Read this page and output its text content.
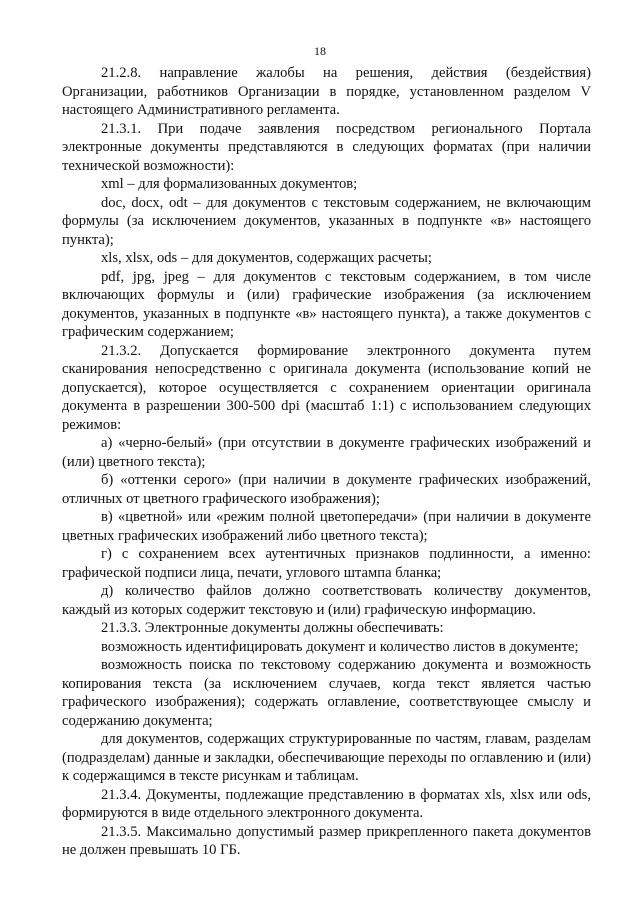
18

21.2.8. направление жалобы на решения, действия (бездействия) Организации, работников Организации в порядке, установленном разделом V настоящего Административного регламента.

21.3.1. При подаче заявления посредством регионального Портала электронные документы представляются в следующих форматах (при наличии технической возможности):

xml – для формализованных документов;

doc, docx, odt – для документов с текстовым содержанием, не включающим формулы (за исключением документов, указанных в подпункте «в» настоящего пункта);

xls, xlsx, ods – для документов, содержащих расчеты;

pdf, jpg, jpeg – для документов с текстовым содержанием, в том числе включающих формулы и (или) графические изображения (за исключением документов, указанных в подпункте «в» настоящего пункта), а также документов с графическим содержанием;

21.3.2. Допускается формирование электронного документа путем сканирования непосредственно с оригинала документа (использование копий не допускается), которое осуществляется с сохранением ориентации оригинала документа в разрешении 300-500 dpi (масштаб 1:1) с использованием следующих режимов:

а) «черно-белый» (при отсутствии в документе графических изображений и (или) цветного текста);

б) «оттенки серого» (при наличии в документе графических изображений, отличных от цветного графического изображения);

в) «цветной» или «режим полной цветопередачи» (при наличии в документе цветных графических изображений либо цветного текста);

г) с сохранением всех аутентичных признаков подлинности, а именно: графической подписи лица, печати, углового штампа бланка;

д) количество файлов должно соответствовать количеству документов, каждый из которых содержит текстовую и (или) графическую информацию.

21.3.3. Электронные документы должны обеспечивать:

возможность идентифицировать документ и количество листов в документе;

возможность поиска по текстовому содержанию документа и возможность копирования текста (за исключением случаев, когда текст является частью графического изображения); содержать оглавление, соответствующее смыслу и содержанию документа;

для документов, содержащих структурированные по частям, главам, разделам (подразделам) данные и закладки, обеспечивающие переходы по оглавлению и (или) к содержащимся в тексте рисункам и таблицам.

21.3.4. Документы, подлежащие представлению в форматах xls, xlsx или ods, формируются в виде отдельного электронного документа.

21.3.5. Максимально допустимый размер прикрепленного пакета документов не должен превышать 10 ГБ.
